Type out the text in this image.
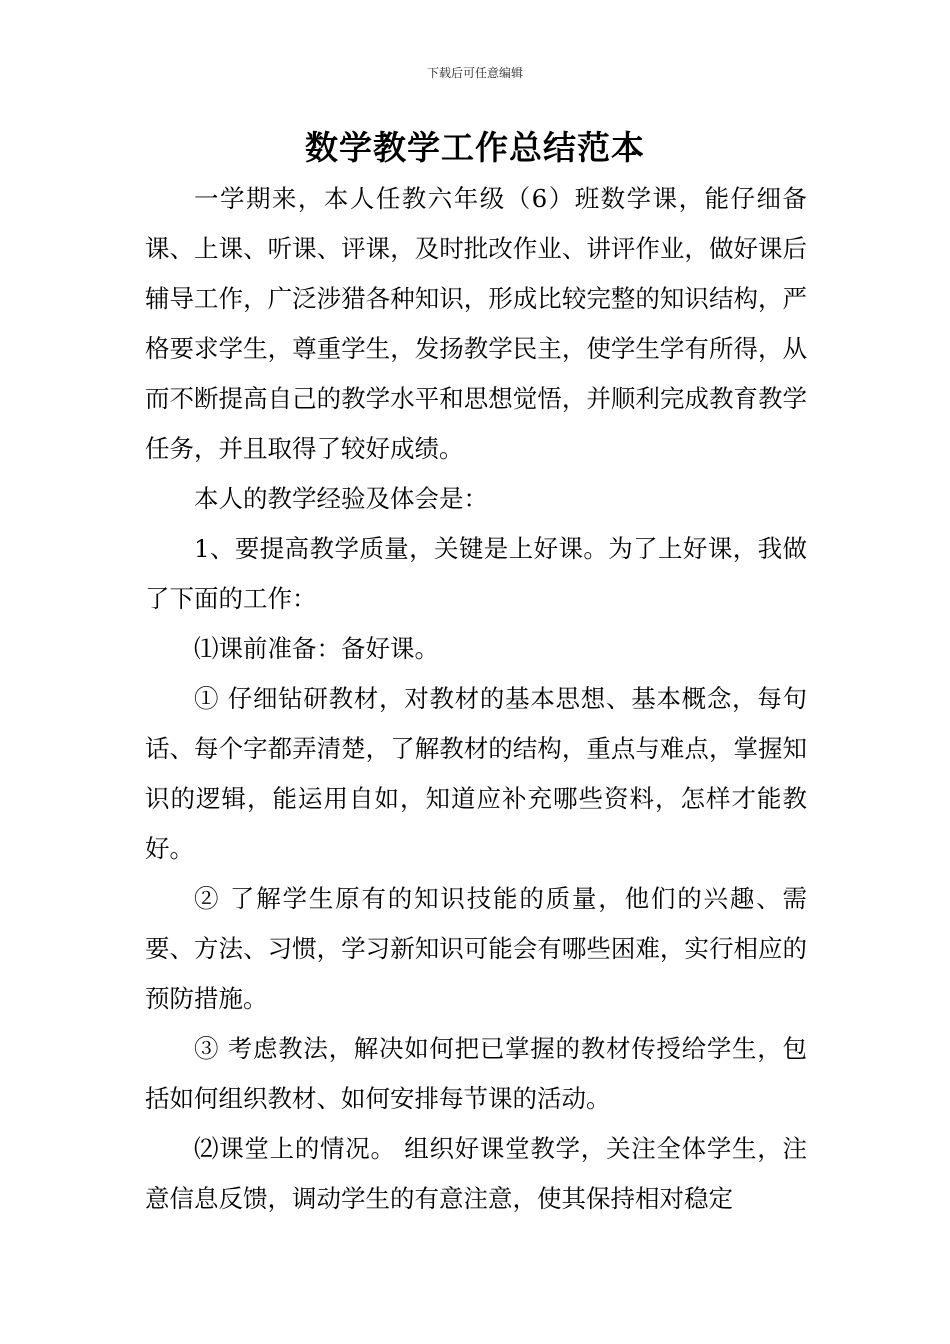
下载后可任意编辑
数学教学工作总结范本

一学期来，本人任教六年级（6）班数学课，能仔细备课、上课、听课、评课，及时批改作业、讲评作业，做好课后辅导工作，广泛涉猎各种知识，形成比较完整的知识结构，严格要求学生，尊重学生，发扬教学民主，使学生学有所得，从而不断提高自己的教学水平和思想觉悟，并顺利完成教育教学任务，并且取得了较好成绩。

本人的教学经验及体会是：

1、要提高教学质量，关键是上好课。为了上好课，我做了下面的工作：

⑴课前准备：备好课。

① 仔细钻研教材，对教材的基本思想、基本概念，每句话、每个字都弄清楚，了解教材的结构，重点与难点，掌握知识的逻辑，能运用自如，知道应补充哪些资料，怎样才能教好。

② 了解学生原有的知识技能的质量，他们的兴趣、需要、方法、习惯，学习新知识可能会有哪些困难，实行相应的预防措施。

③ 考虑教法，解决如何把已掌握的教材传授给学生，包括如何组织教材、如何安排每节课的活动。

⑵课堂上的情况。 组织好课堂教学，关注全体学生，注意信息反馈，调动学生的有意注意，使其保持相对稳定
